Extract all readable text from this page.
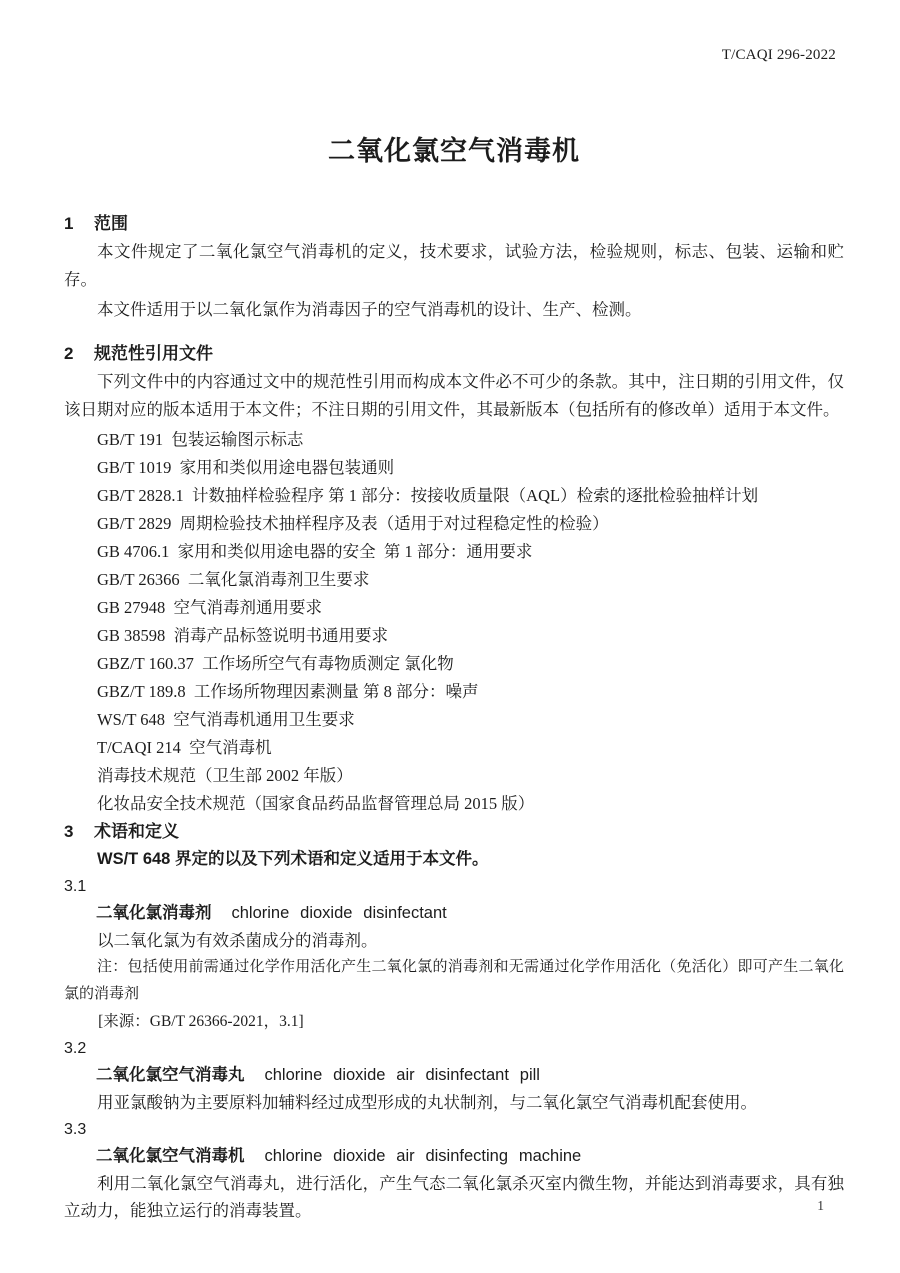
T/CAQI 296-2022
二氧化氯空气消毒机
1 范围

本文件规定了二氧化氯空气消毒机的定义，技术要求，试验方法，检验规则，标志、包装、运输和贮存。

本文件适用于以二氧化氯作为消毒因子的空气消毒机的设计、生产、检测。

2 规范性引用文件

下列文件中的内容通过文中的规范性引用而构成本文件必不可少的条款。其中，注日期的引用文件，仅该日期对应的版本适用于本文件；不注日期的引用文件，其最新版本（包括所有的修改单）适用于本文件。

GB/T 191  包装运输图示标志

GB/T 1019  家用和类似用途电器包装通则

GB/T 2828.1  计数抽样检验程序 第 1 部分：按接收质量限（AQL）检索的逐批检验抽样计划

GB/T 2829  周期检验技术抽样程序及表（适用于对过程稳定性的检验）

GB 4706.1  家用和类似用途电器的安全  第 1 部分：通用要求

GB/T 26366  二氧化氯消毒剂卫生要求

GB 27948  空气消毒剂通用要求

GB 38598  消毒产品标签说明书通用要求

GBZ/T 160.37  工作场所空气有毒物质测定 氯化物

GBZ/T 189.8  工作场所物理因素测量 第 8 部分：噪声

WS/T 648  空气消毒机通用卫生要求

T/CAQI 214  空气消毒机

消毒技术规范（卫生部 2002 年版）

化妆品安全技术规范（国家食品药品监督管理总局 2015 版）

3 术语和定义

WS/T 648 界定的以及下列术语和定义适用于本文件。

3.1

二氧化氯消毒剂 chlorine dioxide disinfectant

以二氧化氯为有效杀菌成分的消毒剂。

注：包括使用前需通过化学作用活化产生二氧化氯的消毒剂和无需通过化学作用活化（免活化）即可产生二氧化氯的消毒剂

[来源：GB/T 26366-2021，3.1]

3.2

二氧化氯空气消毒丸 chlorine dioxide air disinfectant pill

用亚氯酸钠为主要原料加辅料经过成型形成的丸状制剂，与二氧化氯空气消毒机配套使用。

3.3

二氧化氯空气消毒机 chlorine dioxide air disinfecting machine

利用二氧化氯空气消毒丸，进行活化，产生气态二氧化氯杀灭室内微生物，并能达到消毒要求，具有独立动力，能独立运行的消毒装置。	1
